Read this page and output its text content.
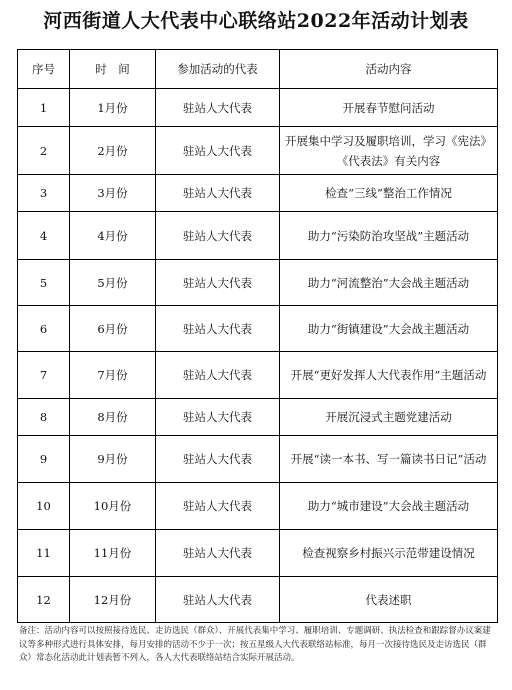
河西街道人大代表中心联络站2022年活动计划表
序号	时　间	参加活动的代表	活动内容
1	1月份	驻站人大代表	开展春节慰问活动
2	2月份	驻站人大代表	开展集中学习及履职培训，学习《宪法》《代表法》有关内容
3	3月份	驻站人大代表	检查“三线”整治工作情况
4	4月份	驻站人大代表	助力“污染防治攻坚战”主题活动
5	5月份	驻站人大代表	助力“河流整治”大会战主题活动
6	6月份	驻站人大代表	助力“街镇建设”大会战主题活动
7	7月份	驻站人大代表	开展“更好发挥人大代表作用”主题活动
8	8月份	驻站人大代表	开展沉浸式主题党建活动
9	9月份	驻站人大代表	开展“读一本书、写一篇读书日记”活动
10	10月份	驻站人大代表	助力“城市建设”大会战主题活动
11	11月份	驻站人大代表	检查视察乡村振兴示范带建设情况
12	12月份	驻站人大代表	代表述职
备注：活动内容可以按照接待选民、走访选民（群众）、开展代表集中学习、履职培训、专题调研、执法检查和跟踪督办议案建议等多种形式进行具体安排，每月安排的活动不少于一次；按五星级人大代表联络站标准，每月一次接待选民及走访选民（群众）常态化活动此计划表暂不列入，各人大代表联络站结合实际开展活动。
